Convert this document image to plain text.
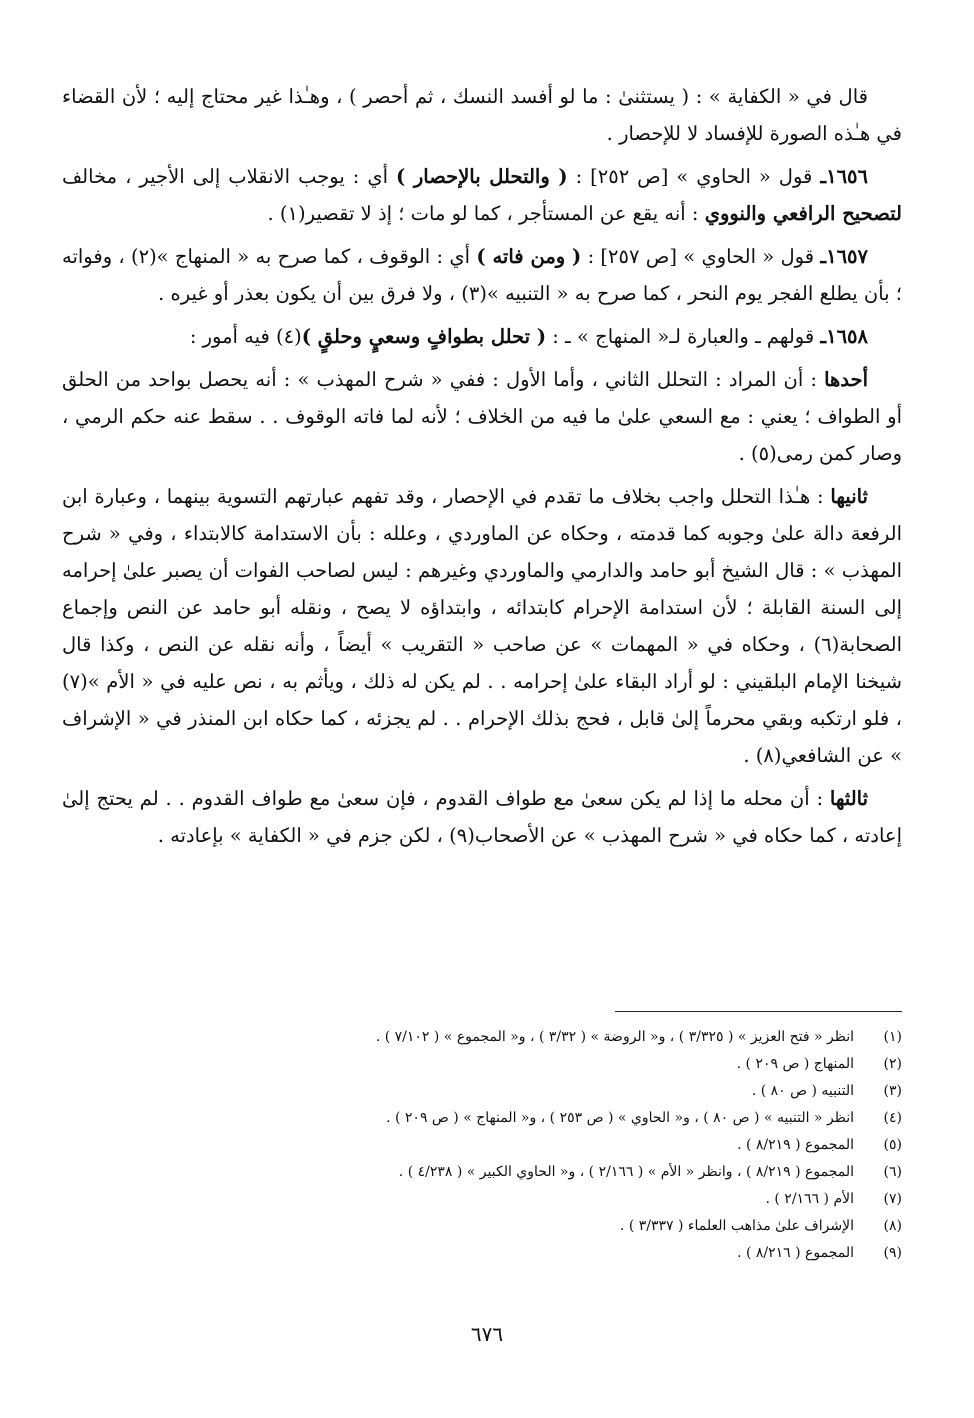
قال في « الكفاية » : ( يستثنىٰ : ما لو أفسد النسك ، ثم أحصر ) ، وهـٰذا غير محتاج إليه ؛ لأن القضاء في هـٰذه الصورة للإفساد لا للإحصار .

١٦٥٦ـ قول « الحاوي » [ص ٢٥٢] : ( والتحلل بالإحصار ) أي : يوجب الانقلاب إلى الأجير ، مخالف لتصحيح الرافعي والنووي : أنه يقع عن المستأجر ، كما لو مات ؛ إذ لا تقصير(١) .

١٦٥٧ـ قول « الحاوي » [ص ٢٥٧] : ( ومن فاته ) أي : الوقوف ، كما صرح به « المنهاج »(٢) ، وفواته ؛ بأن يطلع الفجر يوم النحر ، كما صرح به « التنبيه »(٣) ، ولا فرق بين أن يكون بعذر أو غيره .

١٦٥٨ـ قولهم ـ والعبارة لـ« المنهاج » ـ : ( تحلل بطوافٍ وسعيٍ وحلقٍ )(٤) فيه أمور :

أحدها : أن المراد : التحلل الثاني ، وأما الأول : ففي « شرح المهذب » : أنه يحصل بواحد من الحلق أو الطواف ؛ يعني : مع السعي علىٰ ما فيه من الخلاف ؛ لأنه لما فاته الوقوف . . سقط عنه حكم الرمي ، وصار كمن رمى(٥) .

ثانيها : هـٰذا التحلل واجب بخلاف ما تقدم في الإحصار ، وقد تفهم عبارتهم التسوية بينهما ، وعبارة ابن الرفعة دالة علىٰ وجوبه كما قدمته ، وحكاه عن الماوردي ، وعلله : بأن الاستدامة كالابتداء ، وفي « شرح المهذب » : قال الشيخ أبو حامد والدارمي والماوردي وغيرهم : ليس لصاحب الفوات أن يصبر علىٰ إحرامه إلى السنة القابلة ؛ لأن استدامة الإحرام كابتدائه ، وابتداؤه لا يصح ، ونقله أبو حامد عن النص وإجماع الصحابة(٦) ، وحكاه في « المهمات » عن صاحب « التقريب » أيضاً ، وأنه نقله عن النص ، وكذا قال شيخنا الإمام البلقيني : لو أراد البقاء علىٰ إحرامه . . لم يكن له ذلك ، ويأثم به ، نص عليه في « الأم »(٧) ، فلو ارتكبه وبقي محرماً إلىٰ قابل ، فحج بذلك الإحرام . . لم يجزئه ، كما حكاه ابن المنذر في « الإشراف » عن الشافعي(٨) .

ثالثها : أن محله ما إذا لم يكن سعىٰ مع طواف القدوم ، فإن سعىٰ مع طواف القدوم . . لم يحتج إلىٰ إعادته ، كما حكاه في « شرح المهذب » عن الأصحاب(٩) ، لكن جزم في « الكفاية » بإعادته .

(١)
انظر « فتح العزيز » ( ٣/٣٢٥ ) ، و« الروضة » ( ٣/٣٢ ) ، و« المجموع » ( ٧/١٠٢ ) .
(٢)
المنهاج ( ص ٢٠٩ ) .
(٣)
التنبيه ( ص ٨٠ ) .
(٤)
انظر « التنبيه » ( ص ٨٠ ) ، و« الحاوي » ( ص ٢٥٣ ) ، و« المنهاج » ( ص ٢٠٩ ) .
(٥)
المجموع ( ٨/٢١٩ ) .
(٦)
المجموع ( ٨/٢١٩ ) ، وانظر « الأم » ( ٢/١٦٦ ) ، و« الحاوي الكبير » ( ٤/٢٣٨ ) .
(٧)
الأم ( ٢/١٦٦ ) .
(٨)
الإشراف علىٰ مذاهب العلماء ( ٣/٣٣٧ ) .
(٩)
المجموع ( ٨/٢١٦ ) .
٦٧٦
